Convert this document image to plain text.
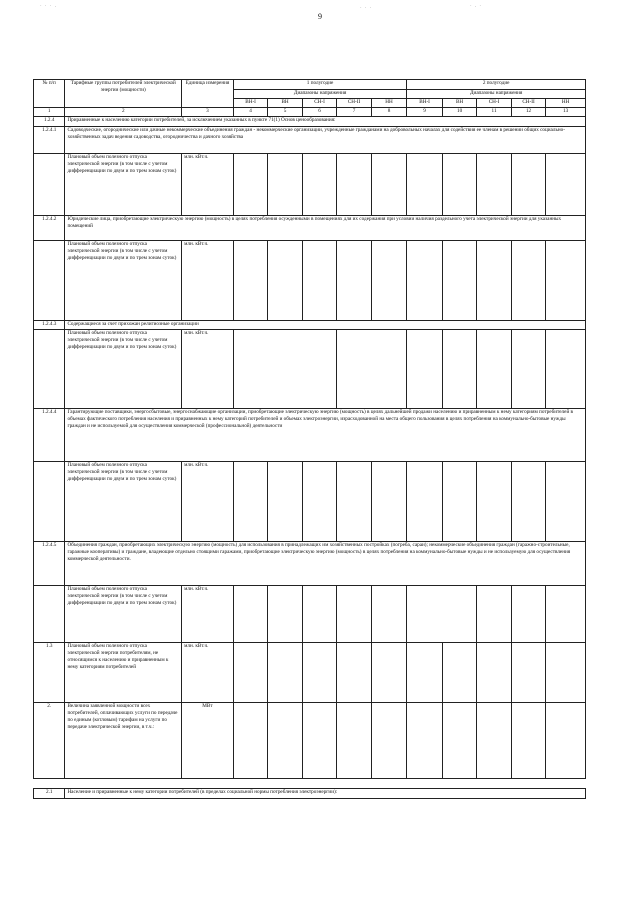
9
· · · .	· · ·	· . ·
№ п/п	Тарифные группы потребителей электрической энергии (мощности)	Единица измерения	1 полугодие					2 полугодие				
			Диапазоны напряжения					Диапазоны напряжения				
			ВН-I	ВН	СН-I	СН-II	НН	ВН-I	ВН	СН-I	СН-II	НН
1	2	3	4	5	6	7	8	9	10	11	12	13
1.2.4	Приравненные к населению категории потребителей, за исключением указанных в пункте 71(1) Основ ценообразования:											
1.2.4.1	Садоводческие, огороднические или дачные некоммерческие объединения граждан - некоммерческие организации, учрежденные гражданами на добровольных началах для содействия ее членам в решении общих социально-хозяйственных задач ведения садоводства, огородничества и дачного хозяйства											
	Плановый объем полезного отпуска электрической энергии (в том числе с учетом дифференциации по двум и по трем зонам суток)	млн. кВт.ч.										
1.2.4.2	Юридические лица, приобретающие электрическую энергию (мощность) в целях потребления осужденными в помещениях для их содержания при условии наличия раздельного учета электрической энергии для указанных помещений											
	Плановый объем полезного отпуска электрической энергии (в том числе с учетом дифференциации по двум и по трем зонам суток)	млн. кВт.ч.										
1.2.4.3	Содержащиеся за счет прихожан религиозные организации											
	Плановый объем полезного отпуска электрической энергии (в том числе с учетом дифференциации по двум и по трем зонам суток)	млн. кВт.ч.										
1.2.4.4	Гарантирующие поставщики, энергосбытовые, энергоснабжающие организации, приобретающие электрическую энергию (мощность) в целях дальнейшей продажи населению и приравненным к нему категориям потребителей в объемах фактического потребления населения и приравненных к нему категорий потребителей и объемах электроэнергии, израсходованной на места общего пользования в целях потребления на коммунально-бытовые нужды граждан и не используемой для осуществления коммерческой (профессиональной) деятельности											
	Плановый объем полезного отпуска электрической энергии (в том числе с учетом дифференциации по двум и по трем зонам суток)	млн. кВт.ч.										
1.2.4.5	Объединения граждан, приобретающих электрическую энергию (мощность) для использования в принадлежащих им хозяйственных постройках (погреба, сараи); некоммерческие объединения граждан (гаражно-строительные, гаражные кооперативы) и граждане, владеющие отдельно стоящими гаражами, приобретающие электрическую энергию (мощность) в целях потребления на коммунально-бытовые нужды и не используемую для осуществления коммерческой деятельности.											
	Плановый объем полезного отпуска электрической энергии (в том числе с учетом дифференциации по двум и по трем зонам суток)	млн. кВт.ч.										
1.3	Плановый объем полезного отпуска электрической энергии потребителям, не относящимся к населению и приравненным к нему категориям потребителей	млн. кВт.ч.										
2.	Величина заявленной мощности всех потребителей, оплачивающих услуги по передаче по единым (котловым) тарифам на услуги по передаче электрической энергии, в т.ч.:	МВт										

2.1	Население и приравненные к нему категории потребителей (в пределах социальной нормы потребления электроэнергии):											
